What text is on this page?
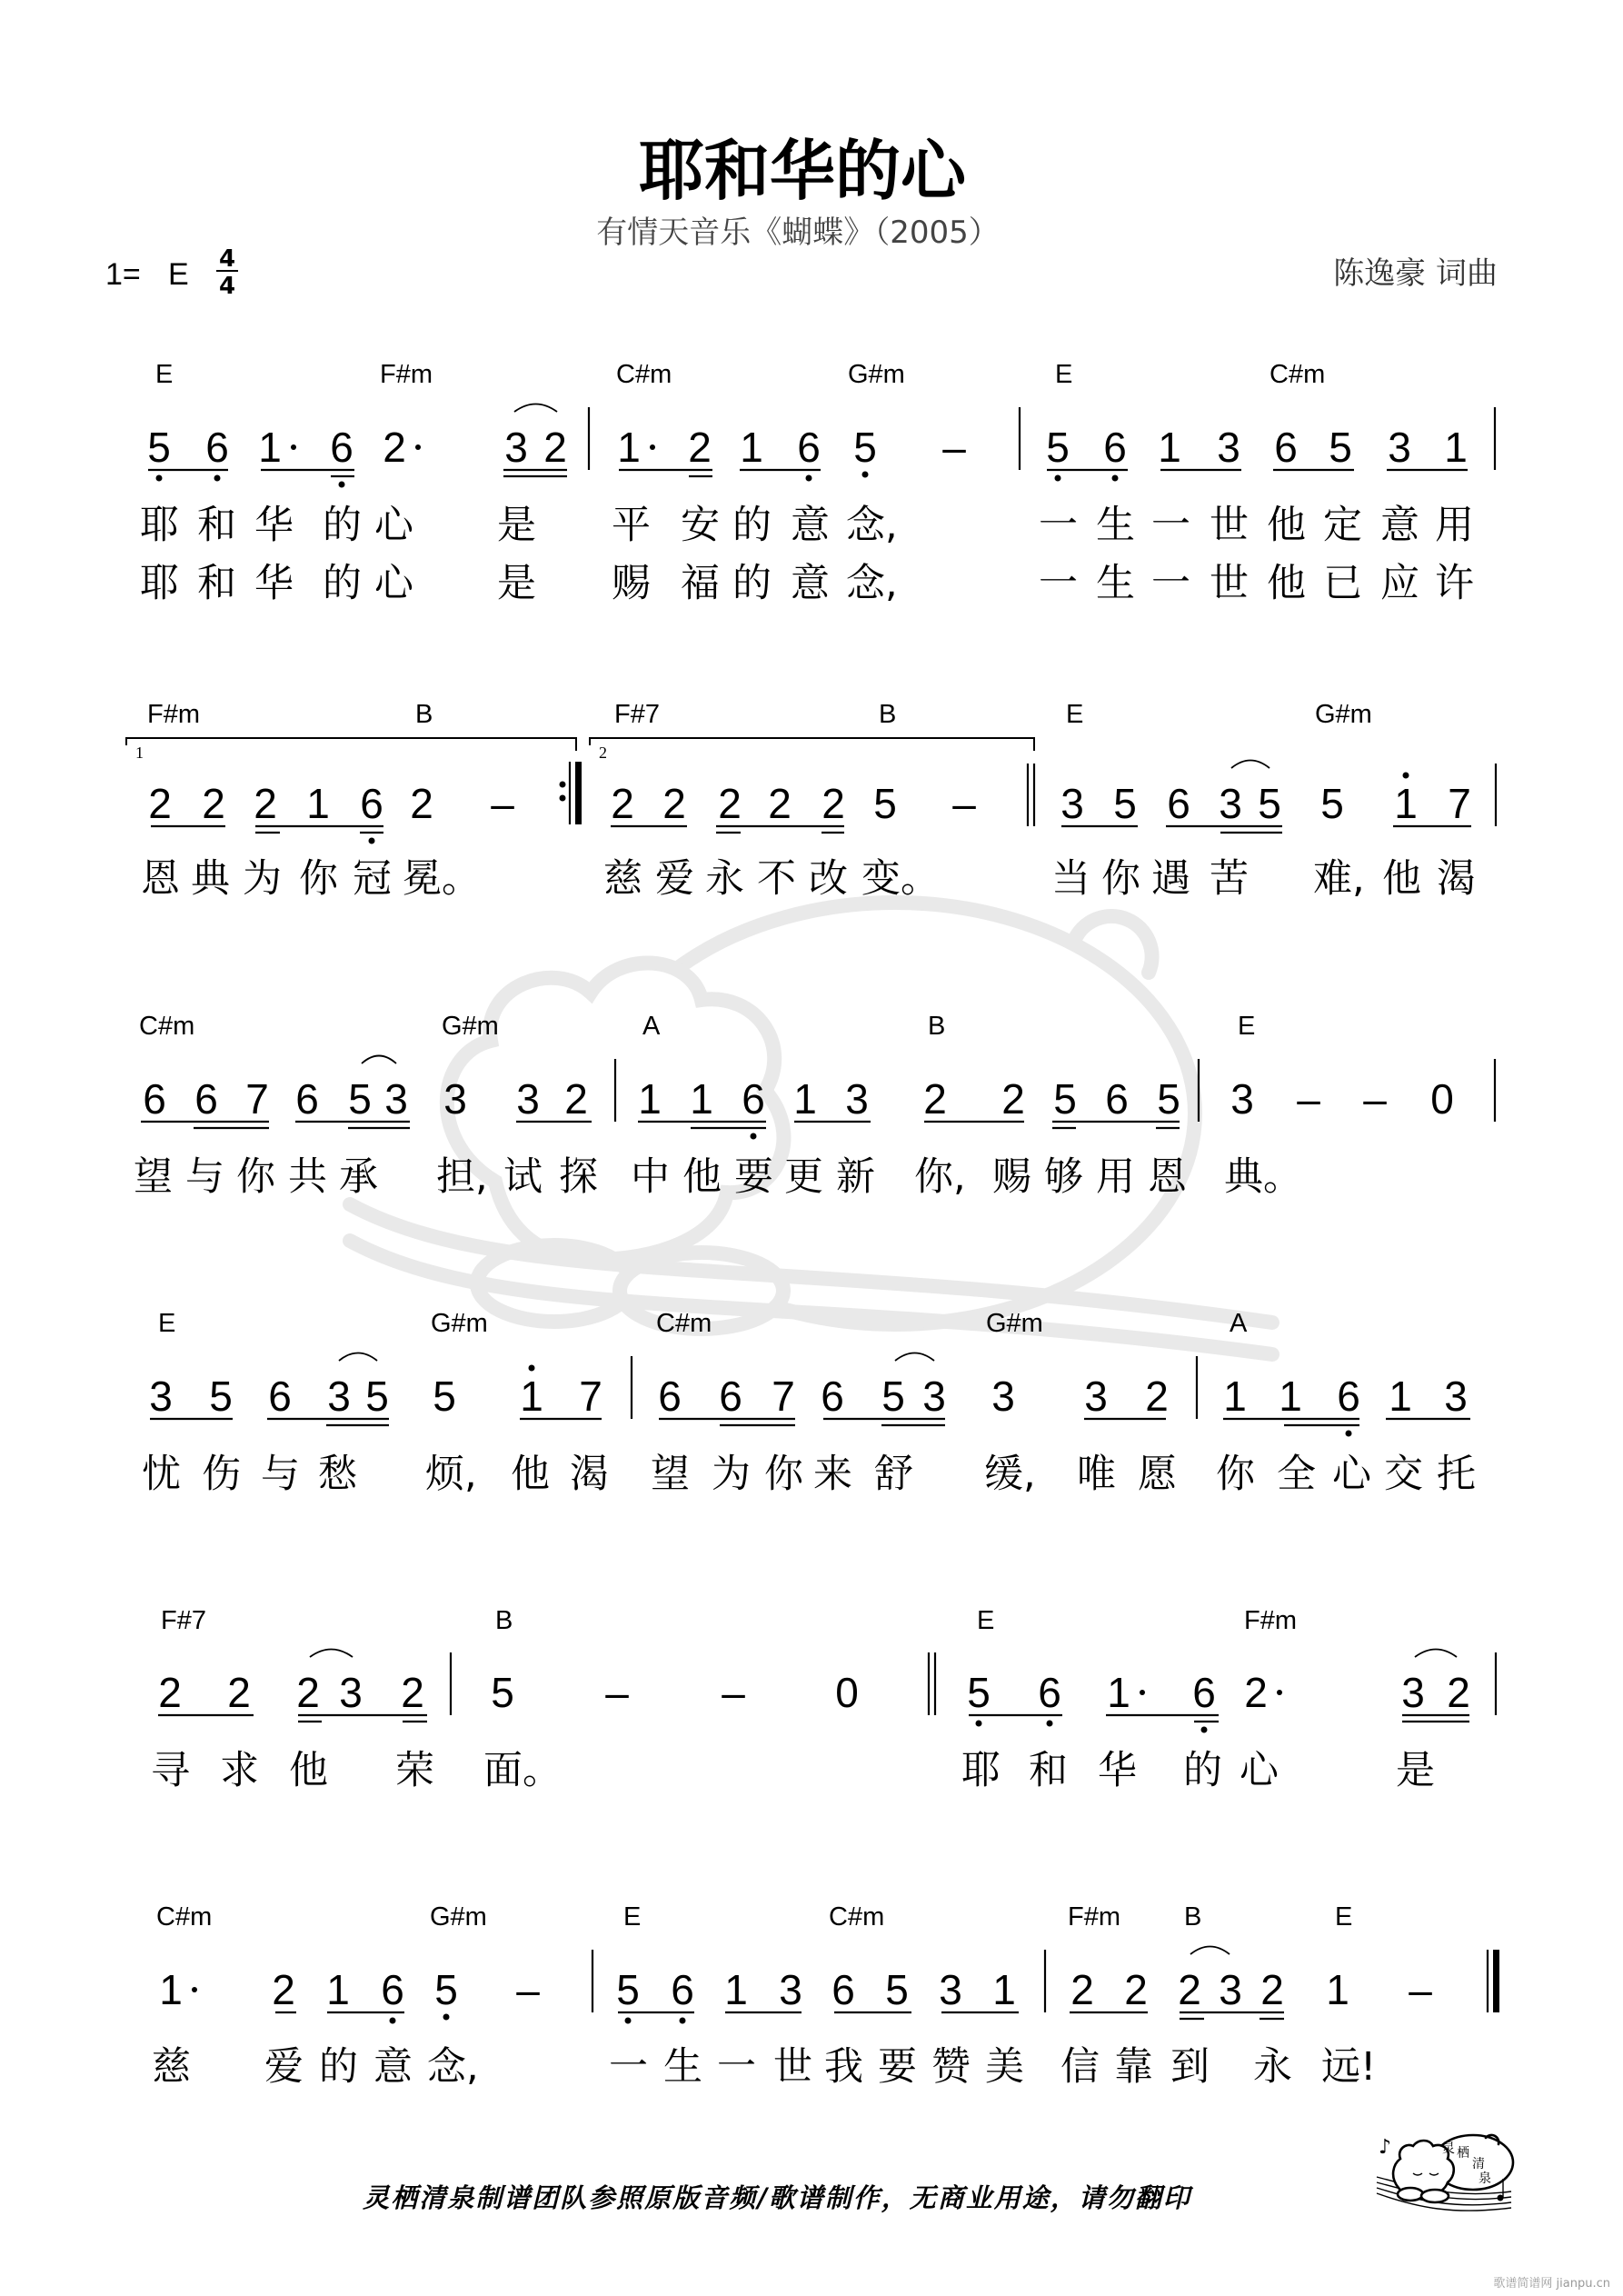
耶和华的心
有情天音乐《蝴蝶》（2005）
1= E 4
4	陈逸豪 词曲
E	F#m	C#m	G#m	E	C#m
5 6 1 6 2 3 2 1 2 1 6 5 – 5 6 1 3 6 5 3 1
耶 和 华 的 心 是 平 安 的 意 念,	一 生 一 世 他 定 意 用
耶 和 华 的 心 是 赐 福 的 意 念,	一 生 一 世 他 已 应 许
F#m	B	F#7	B	E	G#m
1	2
2 2 2 1 6 2 – 2 2 2 2 2 5 – 3 5 6 3 5 5 1 7
恩 典 为 你 冠 冕。	慈 爱 永 不 改 变。	当 你 遇 苦 难, 他 渴
C#m	G#m	A	B	E
6 6 7 6 5 3 3 3 2 1 1 6 1 3 2 2 5 6 5 3 – – 0
望 与 你 共 承 担, 试 探 中 他 要 更 新 你, 赐 够 用 恩 典。
E	G#m	C#m	G#m	A
3 5 6 3 5 5 1 7 6 6 7 6 5 3 3 3 2 1 1 6 1 3
忧 伤 与 愁 烦, 他 渴 望 为 你 来 舒 缓, 唯 愿 你 全 心 交 托
F#7	B	E	F#m
2 2 2 3 2 5 – – 0	5 6 1 6 2	3 2
寻 求 他 荣 面。	耶 和 华 的 心	是
C#m	G#m	E	C#m	F#m B	E
1 2 1 6 5 – 5 6 1 3 6 5 3 1 2 2 2 3 2 1 –
慈 爱 的 意 念,	一 生 一 世 我 要 赞 美 信 靠 到 永 远!
灵栖清泉制谱团队参照原版音频/歌谱制作，无商业用途，请勿翻印
♪	灵 栖
清
泉
歌谱简谱网 jianpu.cn
